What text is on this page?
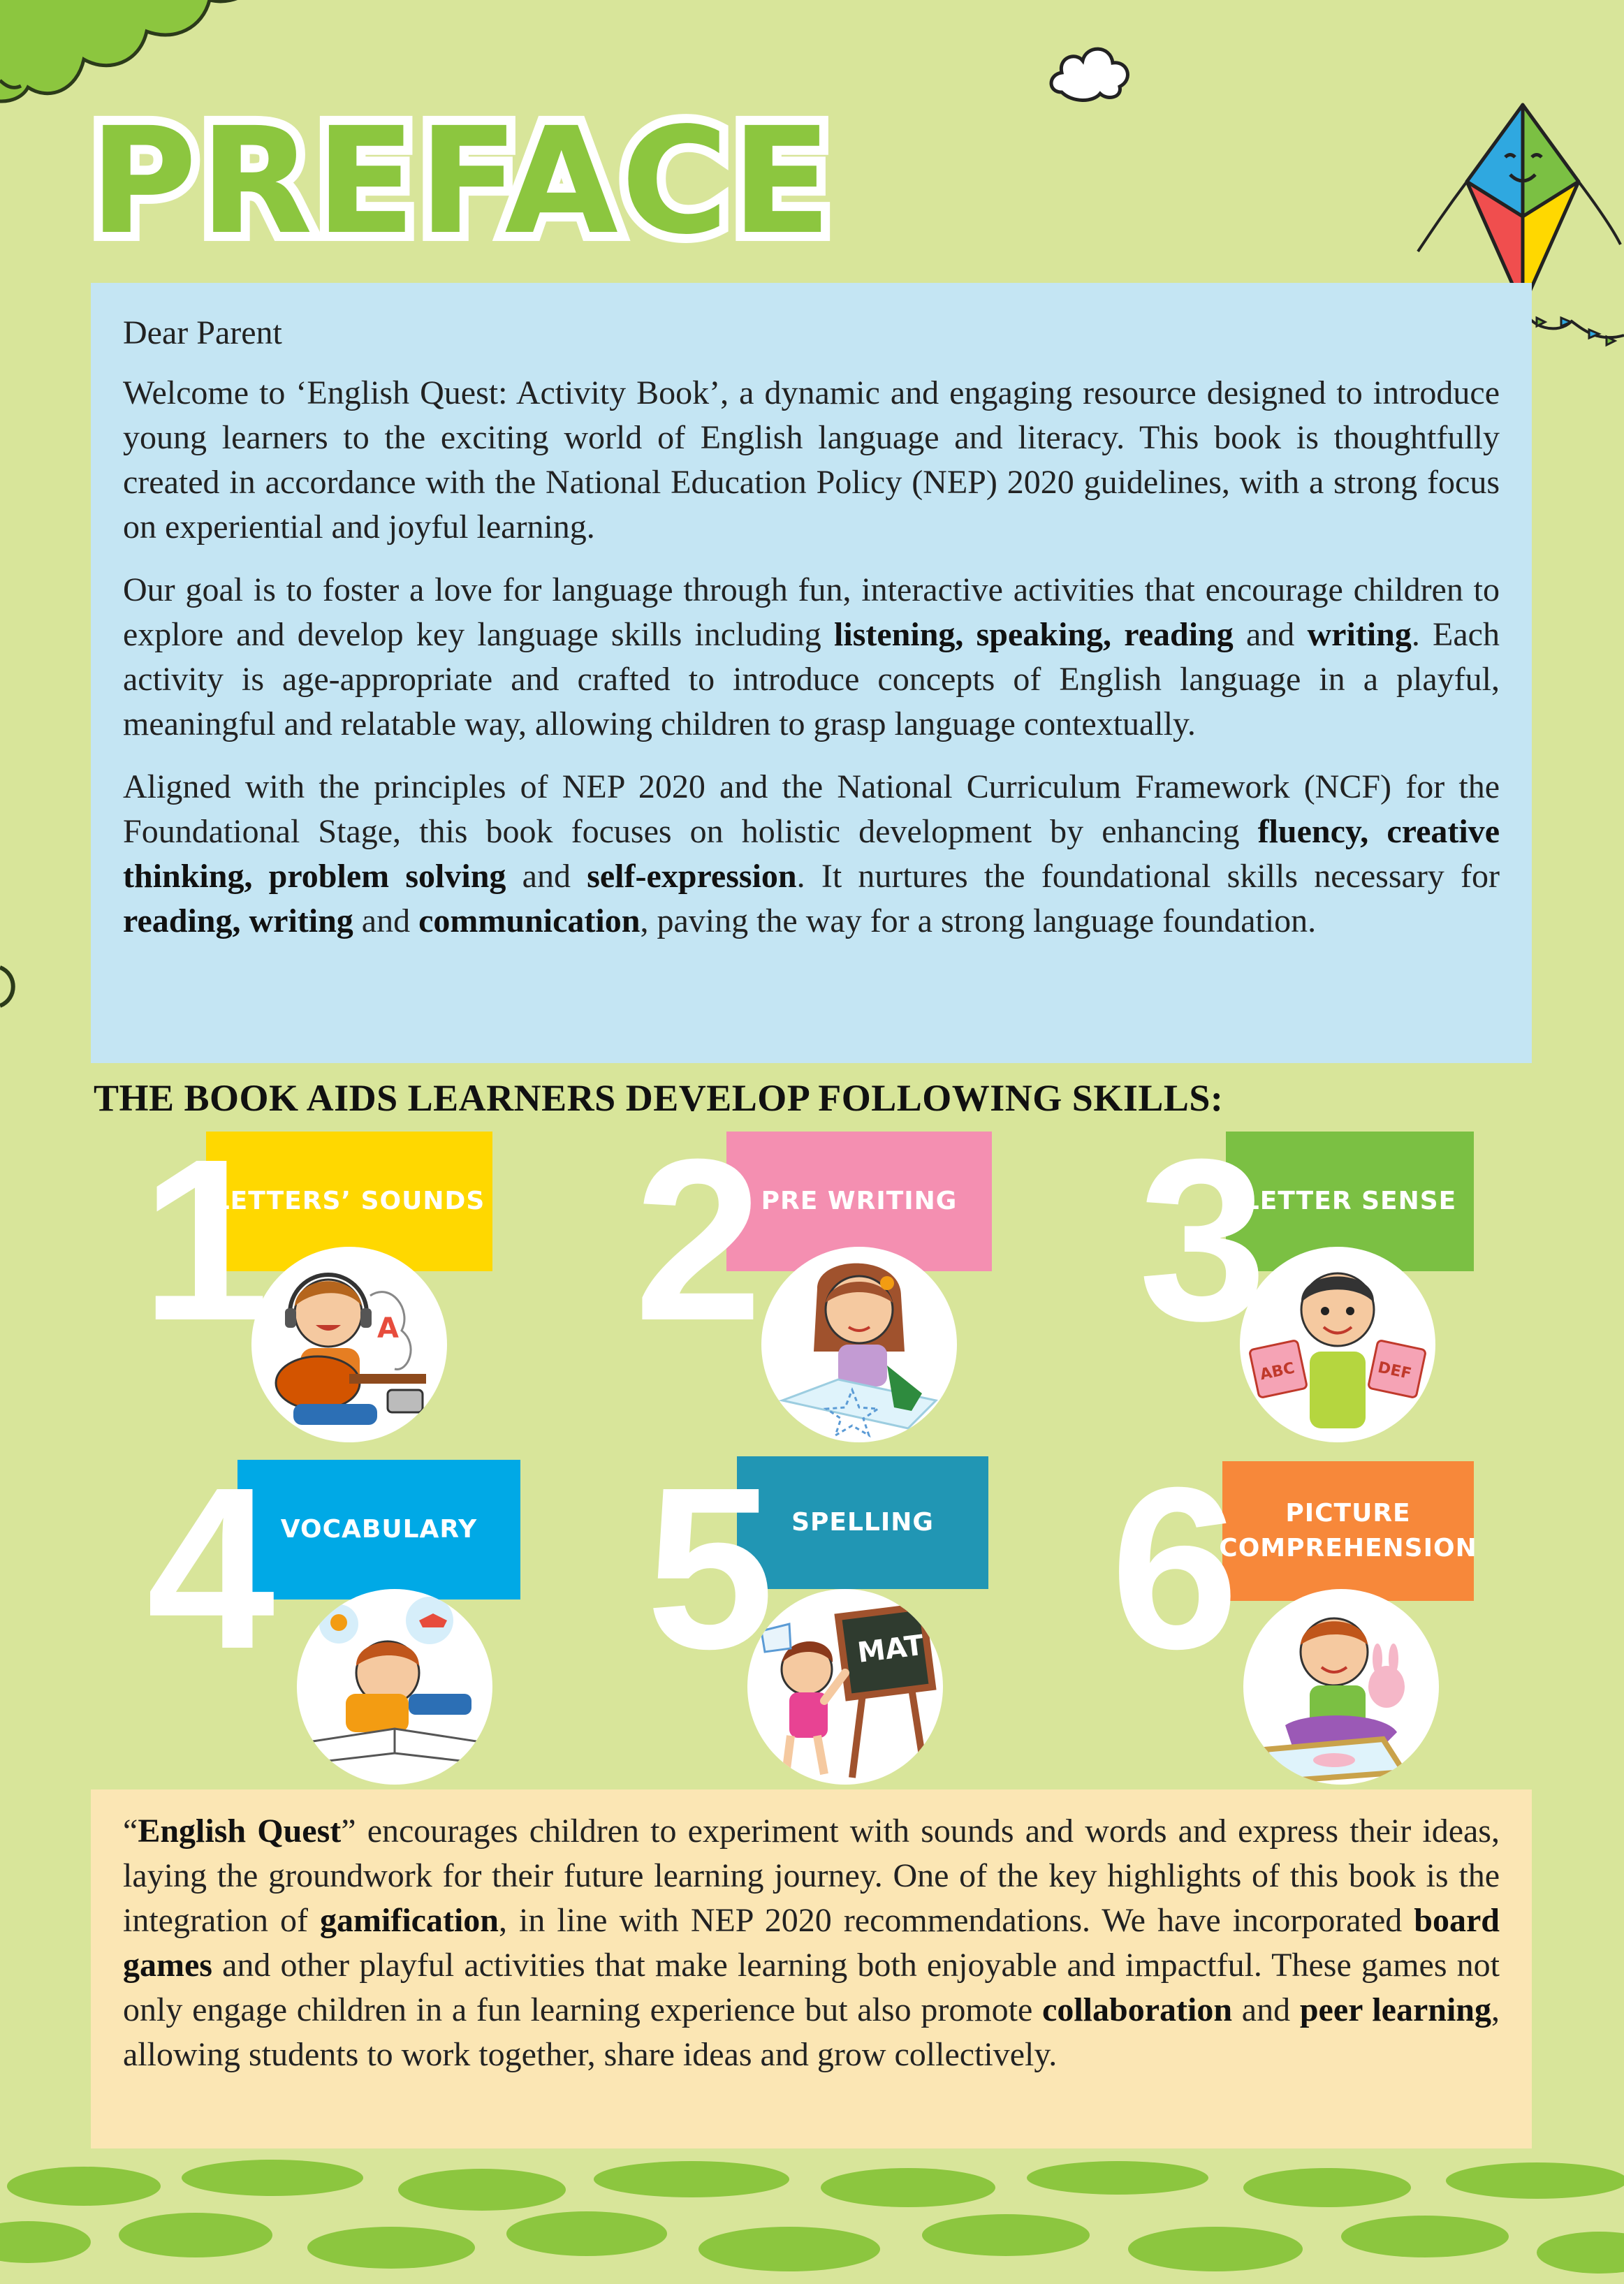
PREFACE

Dear Parent

Welcome to ‘English Quest: Activity Book’, a dynamic and engaging resource designed to introduce young learners to the exciting world of English language and literacy. This book is thoughtfully created in accordance with the National Education Policy (NEP) 2020 guidelines, with a strong focus on experiential and joyful learning.

Our goal is to foster a love for language through fun, interactive activities that encourage children to explore and develop key language skills including listening, speaking, reading and writing. Each activity is age-appropriate and crafted to introduce concepts of English language in a playful, meaningful and relatable way, allowing children to grasp language contextually.

Aligned with the principles of NEP 2020 and the National Curriculum Framework (NCF) for the Foundational Stage, this book focuses on holistic development by enhancing fluency, creative thinking, problem solving and self-expression. It nurtures the foundational skills necessary for reading, writing and communication, paving the way for a strong language foundation.

THE BOOK AIDS LEARNERS DEVELOP FOLLOWING SKILLS:
1
LETTERS’ SOUNDS
A 2
PRE WRITING 3
LETTER SENSE
ABC	DEF
4 VOCABULARY 5 SPELLING
MAT 6	PICTURE COMPREHENSION

“English Quest” encourages children to experiment with sounds and words and express their ideas, laying the groundwork for their future learning journey. One of the key highlights of this book is the integration of gamification, in line with NEP 2020 recommendations. We have incorporated board games and other playful activities that make learning both enjoyable and impactful. These games not only engage children in a fun learning experience but also promote collaboration and peer learning, allowing students to work together, share ideas and grow collectively.
